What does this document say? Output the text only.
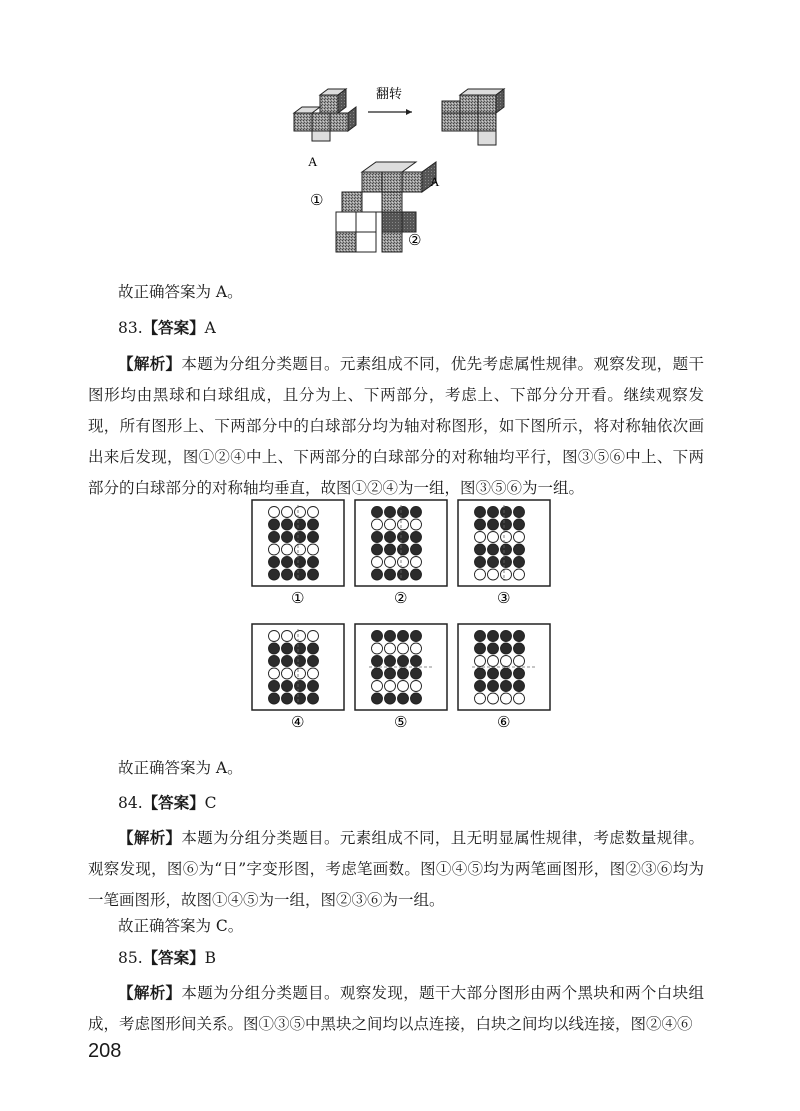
A
翻转
A
①
②
故正确答案为 A。
83.【答案】A
【解析】本题为分组分类题目。元素组成不同，优先考虑属性规律。观察发现，题干图形均由黑球和白球组成，且分为上、下两部分，考虑上、下部分分开看。继续观察发现，所有图形上、下两部分中的白球部分均为轴对称图形，如下图所示，将对称轴依次画出来后发现，图①②④中上、下两部分的白球部分的对称轴均平行，图③⑤⑥中上、下两部分的白球部分的对称轴均垂直，故图①②④为一组，图③⑤⑥为一组。
①	②	③
④	⑤	⑥
故正确答案为 A。
84.【答案】C
【解析】本题为分组分类题目。元素组成不同，且无明显属性规律，考虑数量规律。观察发现，图⑥为“日”字变形图，考虑笔画数。图①④⑤均为两笔画图形，图②③⑥均为一笔画图形，故图①④⑤为一组，图②③⑥为一组。
故正确答案为 C。
85.【答案】B
【解析】本题为分组分类题目。观察发现，题干大部分图形由两个黑块和两个白块组成，考虑图形间关系。图①③⑤中黑块之间均以点连接，白块之间均以线连接，图②④⑥
208
